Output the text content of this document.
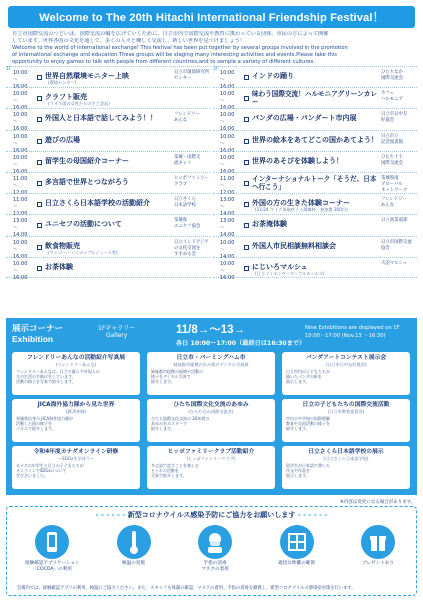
Welcome to The 20th Hitachi International Friendship Festival！
日立市国際交流のつどいは、国際交流の輪を広げていくために、日立市内で国際交流や教育に携わっている団体、市民の方によって開催
しています。世界各国の文化を通して、多くの人々と楝しく交流し、新しい世界を見つけましょう！
Welcome to the world of international exchange! This festival has been put together by several groups involved in the promotion
of international exchange and education.These groups will be staging many interesting activities and events.Please take this
opportunity to enjoy games to talk with people from different countries,and to sample a variety of different cultures.
10:00
〜
16:00
世界自然環境モニター上映
(環境センター)
日立市環境研究所
センター
1F
10:00
〜
16:00
クラフト販売
(ラオス国の女性たちの手工芸品)
10:00
〜
16:00
外国人と日本語で話してみよう！！	フレンドリー
あんな
10:00
〜
16:00
遊びの広場
10:00
〜
16:00
留学生の母国紹介コーナー	茶城・国際交
流ネット
11:00
〜
12:00
多言語で世界とつながろう	ヒッポファミリー
クラブ
11:00
〜
12:00
日立さくら日本語学校の活動紹介	日立さくら
日本語学校
13:00
〜
14:00
ユニセフの活動について	茶城県
ユニセフ協会
10:00
〜
16:00
飲食物販売
(マンゴー・パイナップルジュース等)
日立インドアジア
の文化交流を
すすめる会
10:00
〜
16:00
お茶体験
10:00
〜
16:00
インドの踊り	ひたちなか
国際交流会
2F
10:00
〜
16:00
味わう国際交流！ハルモニアグリーンカレー
カフェ
ハルモニア
10:00
〜
16:00
パンダの広場・パンダート市内展	日立市日中友
好協会
10:00
〜
16:00
世界の絵本をあてどこの国かあてよう！ 日立市立
記念図書館
10:00
〜
16:00
世界のあそびを体験しよう！	ひたち十王
国際交流会
11:00
〜
12:00
インターナショナルトーク「そうだ、日本へ行こう」
茶城県南
グローバル
ネットワーク
13:00
〜
14:00
外国の方の生きた体験コーナー
(11/24 マイク再取材 / 入場無料・参加費 300円)
フレンドリー
あんな
13:00
〜
14:00
お茶淹体験	日立高茶道部
10:00
〜
14:00
外国人市民相談無料相談会	日立市国際交流
協会
10:00
〜
16:00
にじいろマルシェ
(日立ゴミセンターマーブルホールズ)
大沼マルシェ
展示コーナー
Exhibition
1Fギャラリー
Gallery	11/8→〜13→
各日 10:00～17:00（最終日は16:30まで）
Nine Exhibitions are displayed on 1F
10:00～17:00 (Nov.13 ～16:30)
フレンドリーあんなの活動紹介写真展
(フレンドリーあんな)
フレンドリーあんなは、日立で暮らす外国人の
方の生活の手助けをしています。
活動の様子を写真で紹介します。
日立市・バーミングハム市
姉妹都市提携の歩み紹介デジタル写真展
姉妹都市提携の経緯や活動の
様子をデジタル写真で
紹介します。
パンダアートコンテスト展示会
(日立市日中友好協会)
日立市内の子どもたちが
描いたパンダの絵を
展示します。
JICA海外協力隊から見た世界
(JICA茶城)
茶城県出身の JICA海外協力隊が
活動した国の様子を
パネルで紹介します。
ひたち国際文化交流のあゆみ
(ひたちなか国際交流会)
ひたち国際文化交流の 20年間の
あゆみをポスターで
紹介します。
日立の子どもたちの国際交流活動
(日立市教育委員会)
市内小中学校の国際理解
教育や交流活動の様子を
紹介します。
令和4年度カナダオンライン研修
〜SDGsを学ぼう〜
カナダの中学生と日立の子どもたちが
オンラインでSDGsについて
学び合いました。
ヒッポファミリークラブ活動紹介
(ヒッポファミリークラブ)
多言語で話すことを楽しむ
ヒッポの活動を
写真で紹介します。
日立さくら日本語学校の展示
(日立さくら日本語学校)
留学生が日本語で書いた
作文や作品を
展示します。
※内容は変更になる場合があります。
- - - - - - 新型コロナウイルス感染予防にご協力をお願いします - - - - - -
接触確認アプリケーション
「COCOA」の利用
検温の実施	手指の消毒
マスクの着用
適切な距離の確保	プレゼントあり
会場内では、接触確認アプリの利用、検温にご協力ください。また、スタッフも体調の確認、マスクの着用、手指の消毒を徹底し、新型コロナウイルス感染症対策を行います。
